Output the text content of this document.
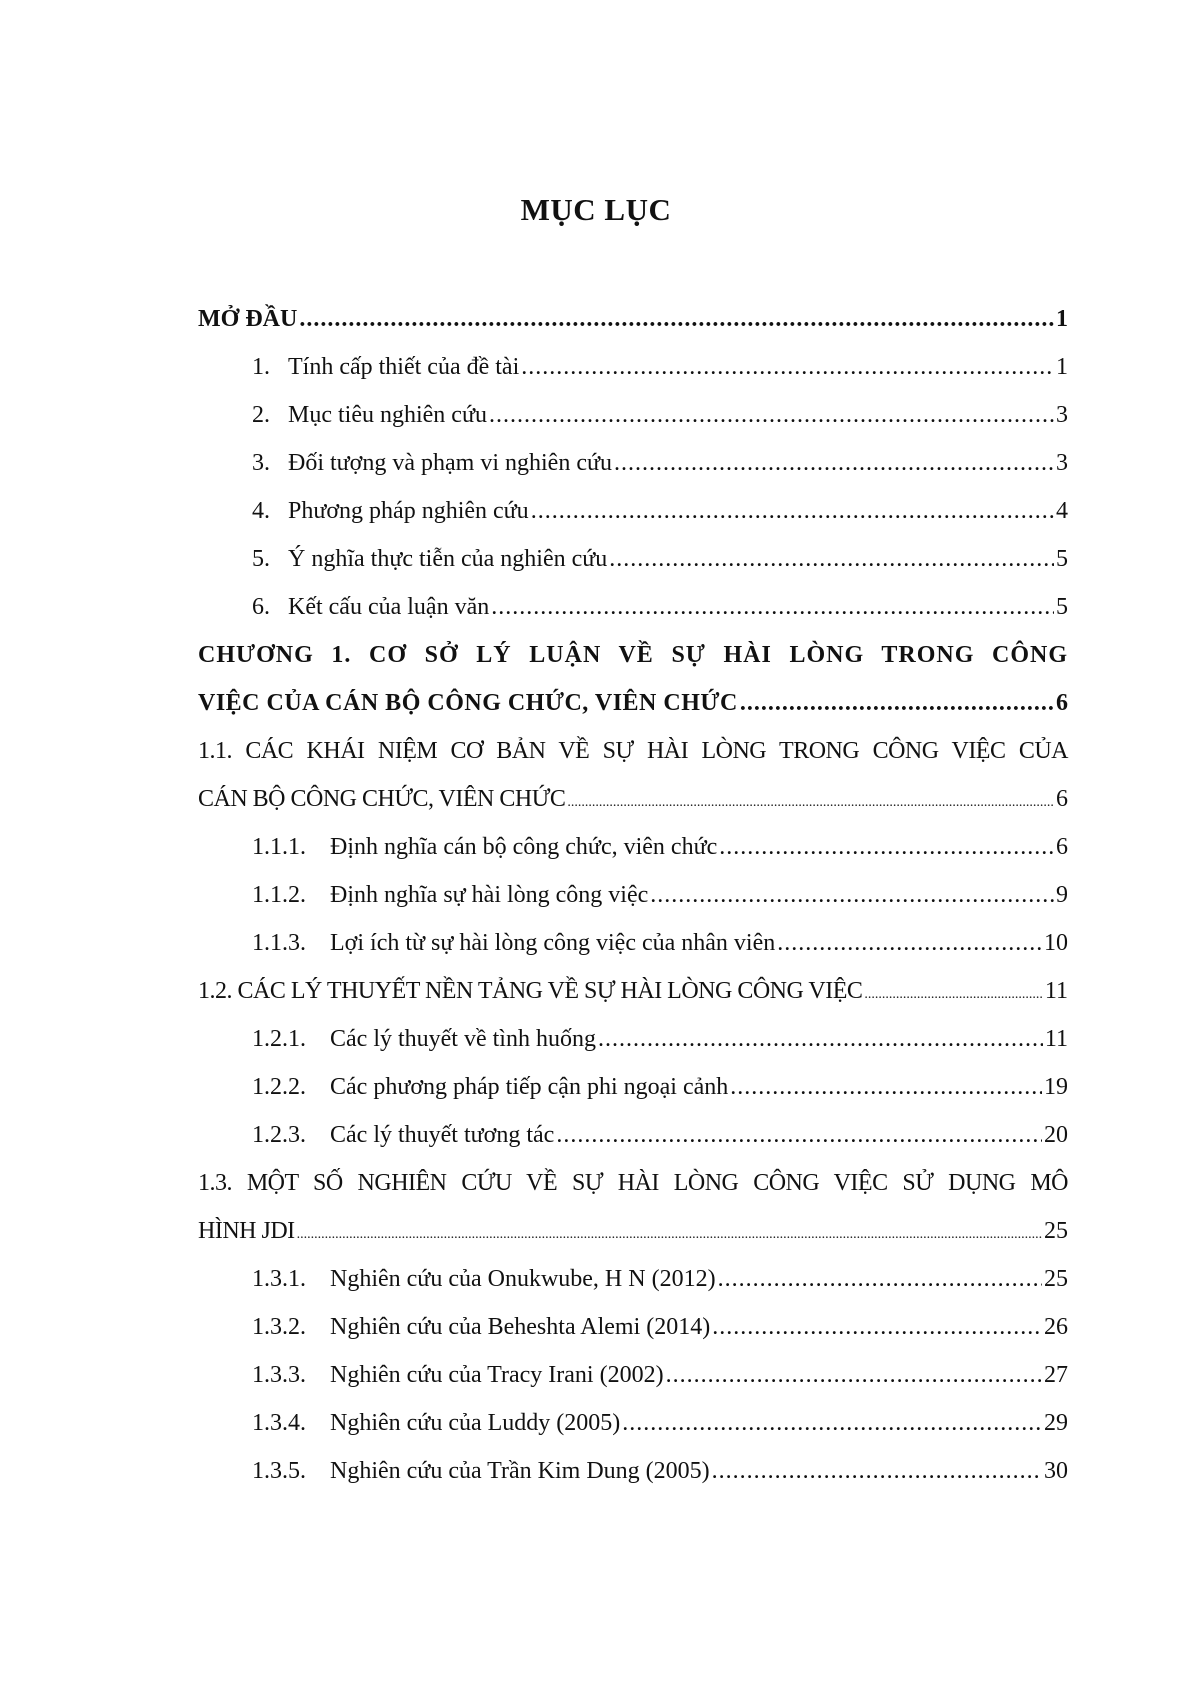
MỤC LỤC
MỞ ĐẦU .....	1
1. Tính cấp thiết của đề tài .....	1
2. Mục tiêu nghiên cứu .....	3
3. Đối tượng và phạm vi nghiên cứu .....	3
4. Phương pháp nghiên cứu .....	4
5. Ý nghĩa thực tiễn của nghiên cứu .....	5
6. Kết cấu của luận văn .....	5
CHƯƠNG 1. CƠ SỞ LÝ LUẬN VỀ SỰ HÀI LÒNG TRONG CÔNG
VIỆC CỦA CÁN BỘ CÔNG CHỨC, VIÊN CHỨC .....	6
1.1. CÁC KHÁI NIỆM CƠ BẢN VỀ SỰ HÀI LÒNG TRONG CÔNG VIỆC CỦA
CÁN BỘ CÔNG CHỨC, VIÊN CHỨC .....	6
1.1.1. Định nghĩa cán bộ công chức, viên chức .....	6
1.1.2. Định nghĩa sự hài lòng công việc .....	9
1.1.3. Lợi ích từ sự hài lòng công việc của nhân viên .....	10
1.2. CÁC LÝ THUYẾT NỀN TẢNG VỀ SỰ HÀI LÒNG CÔNG VIỆC .....	11
1.2.1. Các lý thuyết về tình huống .....	11
1.2.2. Các phương pháp tiếp cận phi ngoại cảnh .....	19
1.2.3. Các lý thuyết tương tác .....	20
1.3. MỘT SỐ NGHIÊN CỨU VỀ SỰ HÀI LÒNG CÔNG VIỆC SỬ DỤNG MÔ
HÌNH JDI .....	25
1.3.1. Nghiên cứu của Onukwube, H N (2012) .....	25
1.3.2. Nghiên cứu của Beheshta Alemi (2014) .....	26
1.3.3. Nghiên cứu của Tracy Irani (2002) .....	27
1.3.4. Nghiên cứu của Luddy (2005) .....	29
1.3.5. Nghiên cứu của Trần Kim Dung (2005) .....	30
